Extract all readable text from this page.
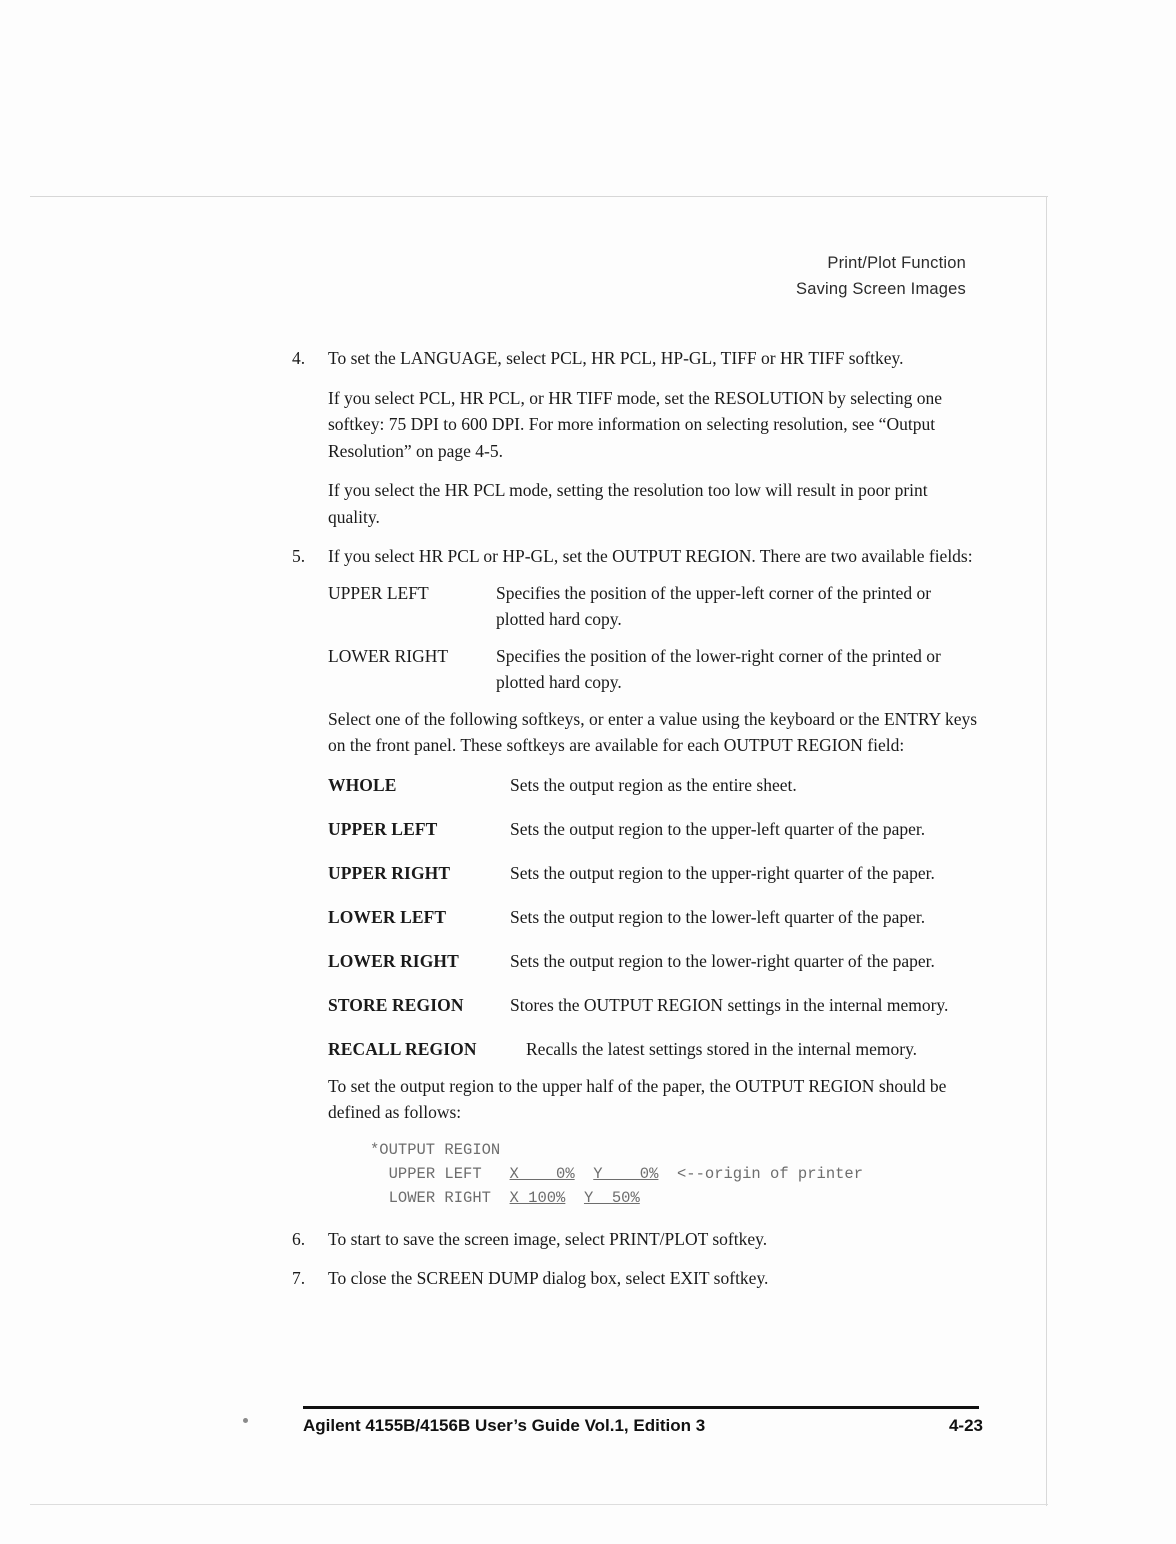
Print/Plot Function
Saving Screen Images
4.	To set the LANGUAGE, select PCL, HR PCL, HP-GL, TIFF or HR TIFF softkey.

If you select PCL, HR PCL, or HR TIFF mode, set the RESOLUTION by selecting one softkey: 75 DPI to 600 DPI. For more information on selecting resolution, see “Output Resolution” on page 4-5.

If you select the HR PCL mode, setting the resolution too low will result in poor print quality.

5.	If you select HR PCL or HP-GL, set the OUTPUT REGION. There are two available fields:

UPPER LEFT	Specifies the position of the upper-left corner of the printed or plotted hard copy.
LOWER RIGHT	Specifies the position of the lower-right corner of the printed or plotted hard copy.

Select one of the following softkeys, or enter a value using the keyboard or the ENTRY keys on the front panel. These softkeys are available for each OUTPUT REGION field:

WHOLE	Sets the output region as the entire sheet.
UPPER LEFT	Sets the output region to the upper-left quarter of the paper.
UPPER RIGHT	Sets the output region to the upper-right quarter of the paper.
LOWER LEFT	Sets the output region to the lower-left quarter of the paper.
LOWER RIGHT	Sets the output region to the lower-right quarter of the paper.
STORE REGION	Stores the OUTPUT REGION settings in the internal memory.
RECALL REGION	Recalls the latest settings stored in the internal memory.

To set the output region to the upper half of the paper, the OUTPUT REGION should be defined as follows:

*OUTPUT REGION
UPPER LEFT X    0% Y    0% <--origin of printer
LOWER RIGHT X 100% Y  50%
6.	To start to save the screen image, select PRINT/PLOT softkey.

7.	To close the SCREEN DUMP dialog box, select EXIT softkey.

Agilent 4155B/4156B User’s Guide Vol.1, Edition 3	4-23
